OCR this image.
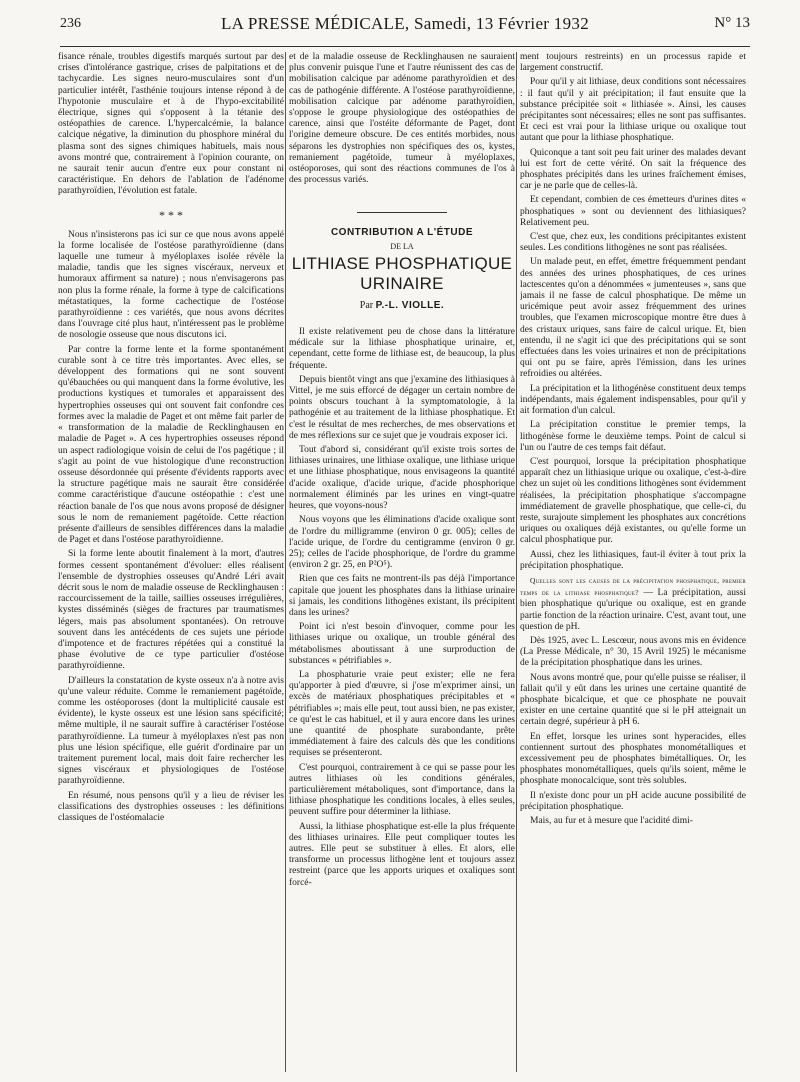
236	LA PRESSE MÉDICALE, Samedi, 13 Février 1932	N° 13

fisance rénale, troubles digestifs marqués surtout par des crises d'intolérance gastrique, crises de palpitations et de tachycardie. Les signes neuro-musculaires sont d'un particulier intérêt, l'asthénie toujours intense répond à de l'hypotonie musculaire et à de l'hypo-excitabilité électrique, signes qui s'opposent à la tétanie des ostéopathies de carence. L'hypercalcémie, la balance calcique négative, la diminution du phosphore minéral du plasma sont des signes chimiques habituels, mais nous avons montré que, contrairement à l'opinion courante, on ne saurait tenir aucun d'entre eux pour constant ni caractéristique. En dehors de l'ablation de l'adénome parathyroïdien, l'évolution est fatale.

* * *

Nous n'insisterons pas ici sur ce que nous avons appelé la forme localisée de l'ostéose parathyroïdienne (dans laquelle une tumeur à myéloplaxes isolée révèle la maladie, tandis que les signes viscéraux, nerveux et humoraux affirment sa nature) ; nous n'envisagerons pas non plus la forme rénale, la forme à type de calcifications métastatiques, la forme cachectique de l'ostéose parathyroïdienne : ces variétés, que nous avons décrites dans l'ouvrage cité plus haut, n'intéressent pas le problème de nosologie osseuse que nous discutons ici.

Par contre la forme lente et la forme spontanément curable sont à ce titre très importantes. Avec elles, se développent des formations qui ne sont souvent qu'ébauchées ou qui manquent dans la forme évolutive, les productions kystiques et tumorales et apparaissent des hypertrophies osseuses qui ont souvent fait confondre ces formes avec la maladie de Paget et ont même fait parler de « transformation de la maladie de Recklinghausen en maladie de Paget ». A ces hypertrophies osseuses répond un aspect radiologique voisin de celui de l'os pagétique ; il s'agit au point de vue histologique d'une reconstruction osseuse désordonnée qui présente d'évidents rapports avec la structure pagétique mais ne saurait être considérée comme caractéristique d'aucune ostéopathie : c'est une réaction banale de l'os que nous avons proposé de désigner sous le nom de remaniement pagétoïde. Cette réaction présente d'ailleurs de sensibles différences dans la maladie de Paget et dans l'ostéose parathyroïdienne.

Si la forme lente aboutit finalement à la mort, d'autres formes cessent spontanément d'évoluer: elles réalisent l'ensemble de dystrophies osseuses qu'André Léri avait décrit sous le nom de maladie osseuse de Recklinghausen : raccourcissement de la taille, saillies osseuses irrégulières, kystes disséminés (sièges de fractures par traumatismes légers, mais pas absolument spontanées). On retrouve souvent dans les antécédents de ces sujets une période d'impotence et de fractures répétées qui a constitué la phase évolutive de ce type particulier d'ostéose parathyroïdienne.

D'ailleurs la constatation de kyste osseux n'a à notre avis qu'une valeur réduite. Comme le remaniement pagétoïde, comme les ostéoporoses (dont la multiplicité causale est évidente), le kyste osseux est une lésion sans spécificité; même multiple, il ne saurait suffire à caractériser l'ostéose parathyroïdienne. La tumeur à myéloplaxes n'est pas non plus une lésion spécifique, elle guérit d'ordinaire par un traitement purement local, mais doit faire rechercher les signes viscéraux et physiologiques de l'ostéose parathyroïdienne.

En résumé, nous pensons qu'il y a lieu de réviser les classifications des dystrophies osseuses : les définitions classiques de l'ostéomalacie

et de la maladie osseuse de Recklinghausen ne sauraient plus convenir puisque l'une et l'autre réunissent des cas de mobilisation calcique par adénome parathyroïdien et des cas de pathogénie différente. A l'ostéose parathyroïdienne, mobilisation calcique par adénome parathyroïdien, s'oppose le groupe physiologique des ostéopathies de carence, ainsi que l'ostéite déformante de Paget, dont l'origine demeure obscure. De ces entités morbides, nous séparons les dystrophies non spécifiques des os, kystes, remaniement pagétoïde, tumeur à myéloplaxes, ostéoporoses, qui sont des réactions communes de l'os à des processus variés.

CONTRIBUTION A L'ÉTUDE
DE LA
LITHIASE PHOSPHATIQUE
URINAIRE
Par P.-L. VIOLLE.

Il existe relativement peu de chose dans la littérature médicale sur la lithiase phosphatique urinaire, et, cependant, cette forme de lithiase est, de beaucoup, la plus fréquente.

Depuis bientôt vingt ans que j'examine des lithiasiques à Vittel, je me suis efforcé de dégager un certain nombre de points obscurs touchant à la symptomatologie, à la pathogénie et au traitement de la lithiase phosphatique. Et c'est le résultat de mes recherches, de mes observations et de mes réflexions sur ce sujet que je voudrais exposer ici.

Tout d'abord si, considérant qu'il existe trois sortes de lithiases urinaires, une lithiase oxalique, une lithiase urique et une lithiase phosphatique, nous envisageons la quantité d'acide oxalique, d'acide urique, d'acide phosphorique normalement éliminés par les urines en vingt-quatre heures, que voyons-nous?

Nous voyons que les éliminations d'acide oxalique sont de l'ordre du milligramme (environ 0 gr. 005); celles de l'acide urique, de l'ordre du centigramme (environ 0 gr. 25); celles de l'acide phosphorique, de l'ordre du gramme (environ 2 gr. 25, en P²O⁵).

Rien que ces faits ne montrent-ils pas déjà l'importance capitale que jouent les phosphates dans la lithiase urinaire si jamais, les conditions lithogènes existant, ils précipitent dans les urines?

Point ici n'est besoin d'invoquer, comme pour les lithiases urique ou oxalique, un trouble général des métabolismes aboutissant à une surproduction de substances « pétrifiables ».

La phosphaturie vraie peut exister; elle ne fera qu'apporter à pied d'œuvre, si j'ose m'exprimer ainsi, un excès de matériaux phosphatiques précipitables et « pétrifiables »; mais elle peut, tout aussi bien, ne pas exister, ce qu'est le cas habituel, et il y aura encore dans les urines une quantité de phosphate surabondante, prête immédiatement à faire des calculs dès que les conditions requises se présenteront.

C'est pourquoi, contrairement à ce qui se passe pour les autres lithiases où les conditions générales, particulièrement métaboliques, sont d'importance, dans la lithiase phosphatique les conditions locales, à elles seules, peuvent suffire pour déterminer la lithiase.

Aussi, la lithiase phosphatique est-elle la plus fréquente des lithiases urinaires. Elle peut compliquer toutes les autres. Elle peut se substituer à elles. Et alors, elle transforme un processus lithogène lent et toujours assez restreint (parce que les apports uriques et oxaliques sont forcé-

ment toujours restreints) en un processus rapide et largement constructif.

Pour qu'il y ait lithiase, deux conditions sont nécessaires : il faut qu'il y ait précipitation; il faut ensuite que la substance précipitée soit « lithiasée ». Ainsi, les causes précipitantes sont nécessaires; elles ne sont pas suffisantes. Et ceci est vrai pour la lithiase urique ou oxalique tout autant que pour la lithiase phosphatique.

Quiconque a tant soit peu fait uriner des malades devant lui est fort de cette vérité. On sait la fréquence des phosphates précipités dans les urines fraîchement émises, car je ne parle que de celles-là.

Et cependant, combien de ces émetteurs d'urines dites « phosphatiques » sont ou deviennent des lithiasiques? Relativement peu.

C'est que, chez eux, les conditions précipitantes existent seules. Les conditions lithogènes ne sont pas réalisées.

Un malade peut, en effet, émettre fréquemment pendant des années des urines phosphatiques, de ces urines lactescentes qu'on a dénommées « jumenteuses », sans que jamais il ne fasse de calcul phosphatique. De même un uricémique peut avoir assez fréquemment des urines troubles, que l'examen microscopique montre être dues à des cristaux uriques, sans faire de calcul urique. Et, bien entendu, il ne s'agit ici que des précipitations qui se sont effectuées dans les voies urinaires et non de précipitations qui ont pu se faire, après l'émission, dans les urines refroidies ou altérées.

La précipitation et la lithogénèse constituent deux temps indépendants, mais également indispensables, pour qu'il y ait formation d'un calcul.

La précipitation constitue le premier temps, la lithogénèse forme le deuxième temps. Point de calcul si l'un ou l'autre de ces temps fait défaut.

C'est pourquoi, lorsque la précipitation phosphatique apparaît chez un lithiasique urique ou oxalique, c'est-à-dire chez un sujet où les conditions lithogènes sont évidemment réalisées, la précipitation phosphatique s'accompagne immédiatement de gravelle phosphatique, que celle-ci, du reste, surajoute simplement les phosphates aux concrétions uriques ou oxaliques déjà existantes, ou qu'elle forme un calcul phosphatique pur.

Aussi, chez les lithiasiques, faut-il éviter à tout prix la précipitation phosphatique.

Quelles sont les causes de la précipitation phosphatique, premier temps de la lithiase phosphatique? — La précipitation, aussi bien phosphatique qu'urique ou oxalique, est en grande partie fonction de la réaction urinaire. C'est, avant tout, une question de pH.

Dès 1925, avec L. Lescœur, nous avons mis en évidence (La Presse Médicale, n° 30, 15 Avril 1925) le mécanisme de la précipitation phosphatique dans les urines.

Nous avons montré que, pour qu'elle puisse se réaliser, il fallait qu'il y eût dans les urines une certaine quantité de phosphate bicalcique, et que ce phosphate ne pouvait exister en une certaine quantité que si le pH atteignait un certain degré, supérieur à pH 6.

En effet, lorsque les urines sont hyperacides, elles contiennent surtout des phosphates monométalliques et excessivement peu de phosphates bimétalliques. Or, les phosphates monométalliques, quels qu'ils soient, même le phosphate monocalcique, sont très solubles.

Il n'existe donc pour un pH acide aucune possibilité de précipitation phosphatique.

Mais, au fur et à mesure que l'acidité dimi-
